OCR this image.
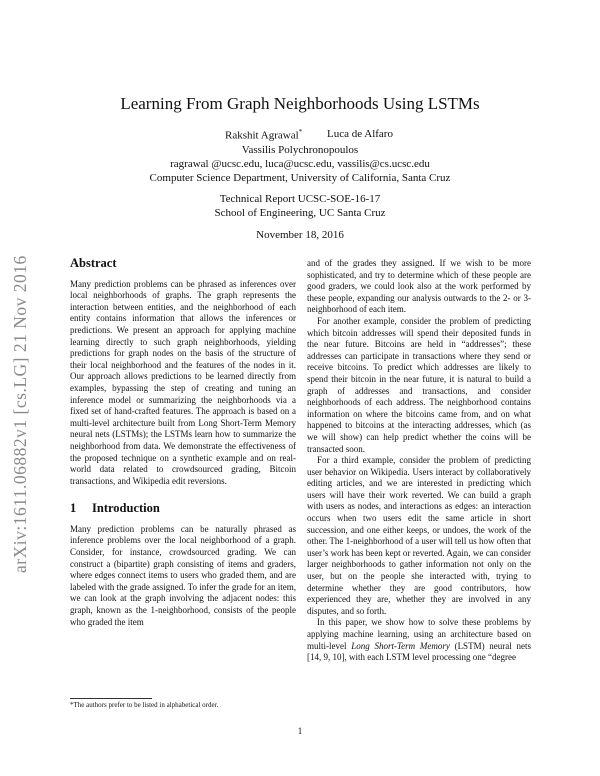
arXiv:1611.06882v1 [cs.LG] 21 Nov 2016
Learning From Graph Neighborhoods Using LSTMs
Rakshit Agrawal* Luca de Alfaro
Vassilis Polychronopoulos
ragrawal @ucsc.edu, luca@ucsc.edu, vassilis@cs.ucsc.edu
Computer Science Department, University of California, Santa Cruz
Technical Report UCSC-SOE-16-17
School of Engineering, UC Santa Cruz
November 18, 2016
Abstract

Many prediction problems can be phrased as inferences over local neighborhoods of graphs. The graph represents the interaction between entities, and the neighborhood of each entity contains information that allows the inferences or predictions. We present an approach for applying machine learning directly to such graph neighborhoods, yielding predictions for graph nodes on the basis of the structure of their local neighborhood and the features of the nodes in it. Our approach allows predictions to be learned directly from examples, bypassing the step of creating and tuning an inference model or summarizing the neighborhoods via a fixed set of hand-crafted features. The approach is based on a multi-level architecture built from Long Short-Term Memory neural nets (LSTMs); the LSTMs learn how to summarize the neighborhood from data. We demonstrate the effectiveness of the proposed technique on a synthetic example and on real-world data related to crowdsourced grading, Bitcoin transactions, and Wikipedia edit reversions.

1 Introduction

Many prediction problems can be naturally phrased as inference problems over the local neighborhood of a graph. Consider, for instance, crowdsourced grading. We can construct a (bipartite) graph consisting of items and graders, where edges connect items to users who graded them, and are labeled with the grade assigned. To infer the grade for an item, we can look at the graph involving the adjacent nodes: this graph, known as the 1-neighborhood, consists of the people who graded the item

and of the grades they assigned. If we wish to be more sophisticated, and try to determine which of these people are good graders, we could look also at the work performed by these people, expanding our analysis outwards to the 2- or 3-neighborhood of each item.

For another example, consider the problem of predicting which bitcoin addresses will spend their deposited funds in the near future. Bitcoins are held in “addresses”; these addresses can participate in transactions where they send or receive bitcoins. To predict which addresses are likely to spend their bitcoin in the near future, it is natural to build a graph of addresses and transactions, and consider neighborhoods of each address. The neighborhood contains information on where the bitcoins came from, and on what happened to bitcoins at the interacting addresses, which (as we will show) can help predict whether the coins will be transacted soon.

For a third example, consider the problem of predicting user behavior on Wikipedia. Users interact by collaboratively editing articles, and we are interested in predicting which users will have their work reverted. We can build a graph with users as nodes, and interactions as edges: an interaction occurs when two users edit the same article in short succession, and one either keeps, or undoes, the work of the other. The 1-neighborhood of a user will tell us how often that user’s work has been kept or reverted. Again, we can consider larger neighborhoods to gather information not only on the user, but on the people she interacted with, trying to determine whether they are good contributors, how experienced they are, whether they are involved in any disputes, and so forth.

In this paper, we show how to solve these problems by applying machine learning, using an architecture based on multi-level Long Short-Term Memory (LSTM) neural nets [14, 9, 10], with each LSTM level processing one “degree

*The authors prefer to be listed in alphabetical order.
1
